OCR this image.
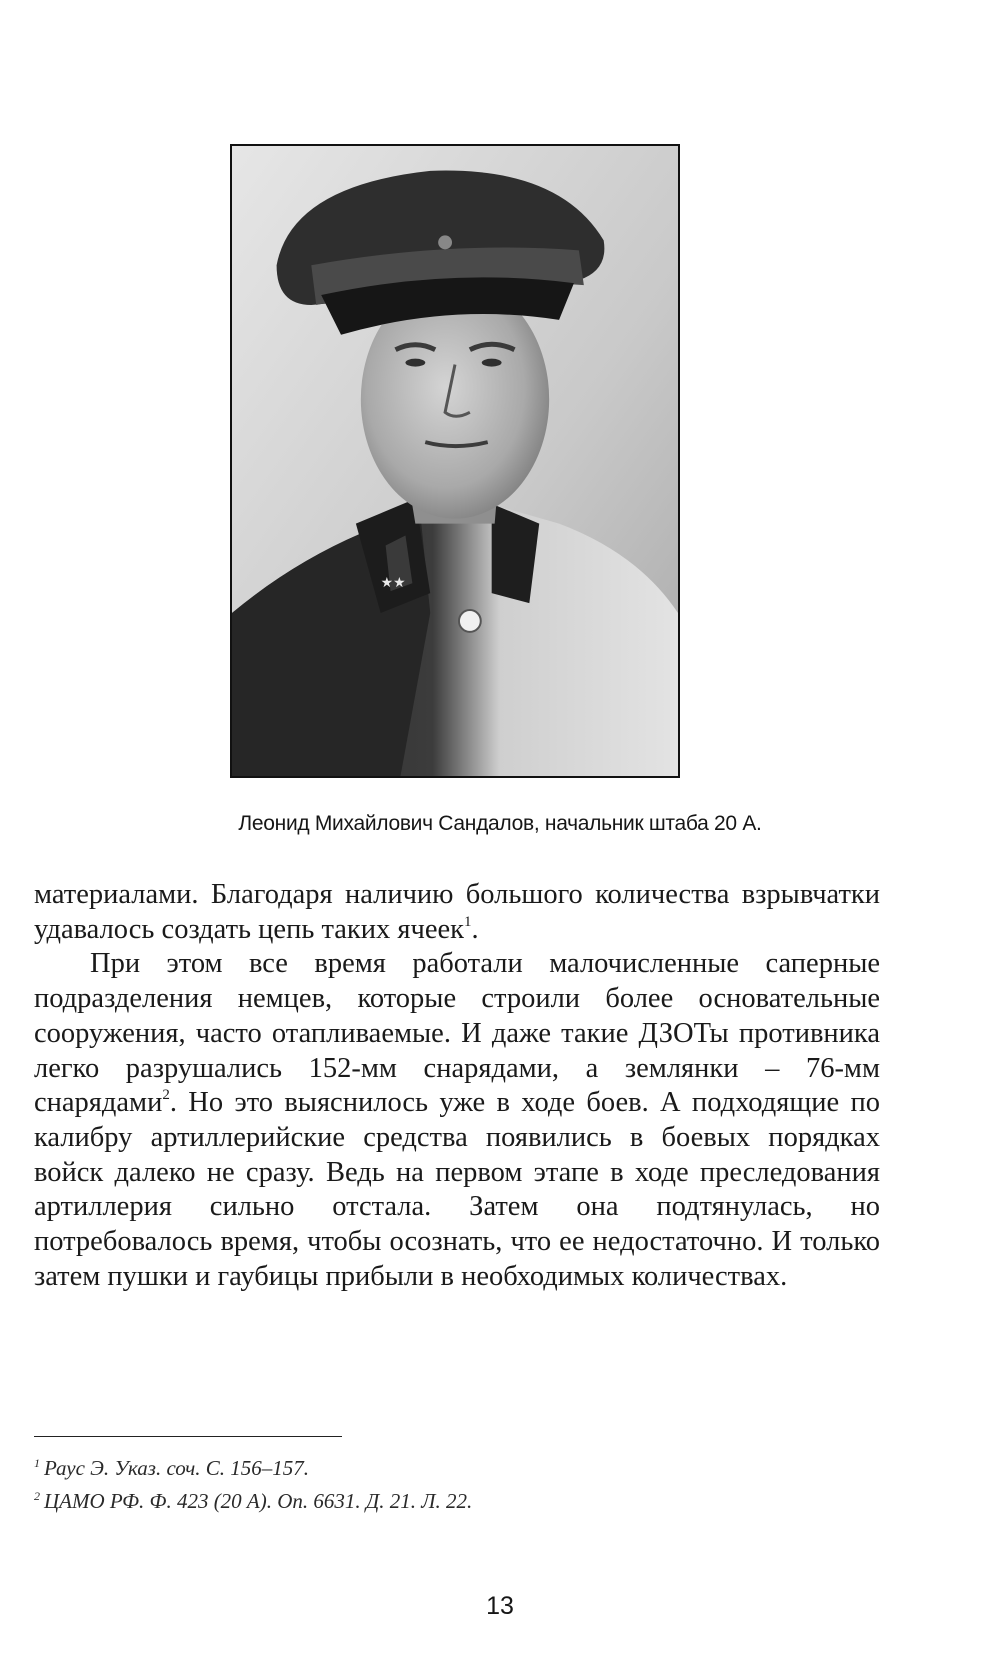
★★
Леонид Михайлович Сандалов, начальник штаба 20 А.

материалами. Благодаря наличию большого количества взрывчатки удавалось создать цепь таких ячеек$^1$.

При этом все время работали малочисленные саперные подразделения немцев, которые строили более основательные сооружения, часто отапливаемые. И даже такие ДЗОТы противника легко разрушались 152-мм снарядами, а землянки – 76-мм снарядами$^2$. Но это выяснилось уже в ходе боев. А подходящие по калибру артиллерийские средства появились в боевых порядках войск далеко не сразу. Ведь на первом этапе в ходе преследования артиллерия сильно отстала. Затем она подтянулась, но потребовалось время, чтобы осознать, что ее недостаточно. И только затем пушки и гаубицы прибыли в необходимых количествах.

$^1$ Раус Э. Указ. соч. С. 156–157.
$^2$ ЦАМО РФ. Ф. 423 (20 А). Оп. 6631. Д. 21. Л. 22.
13
